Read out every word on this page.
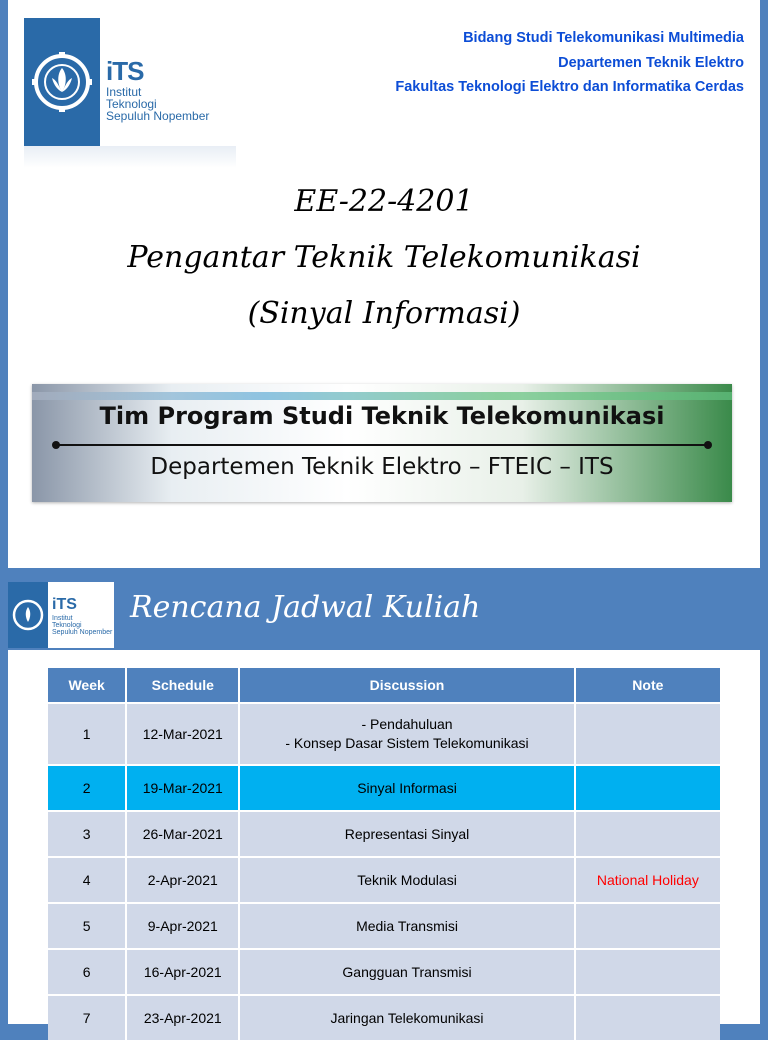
iTS
Institut
Teknologi
Sepuluh Nopember
Bidang Studi Telekomunikasi Multimedia
Departemen Teknik Elektro
Fakultas Teknologi Elektro dan Informatika Cerdas
EE-22-4201
Pengantar Teknik Telekomunikasi
(Sinyal Informasi)
Tim Program Studi Teknik Telekomunikasi
Departemen Teknik Elektro – FTEIC – ITS
iTS
Institut
Teknologi
Sepuluh Nopember
Rencana Jadwal Kuliah
Week	Schedule	Discussion	Note
1	12-Mar-2021	- Pendahuluan
- Konsep Dasar Sistem Telekomunikasi	

2	19-Mar-2021	Sinyal Informasi	
3	26-Mar-2021	Representasi Sinyal	
4	2-Apr-2021	Teknik Modulasi	National Holiday
5	9-Apr-2021	Media Transmisi	
6	16-Apr-2021	Gangguan Transmisi	
7	23-Apr-2021	Jaringan Telekomunikasi	
